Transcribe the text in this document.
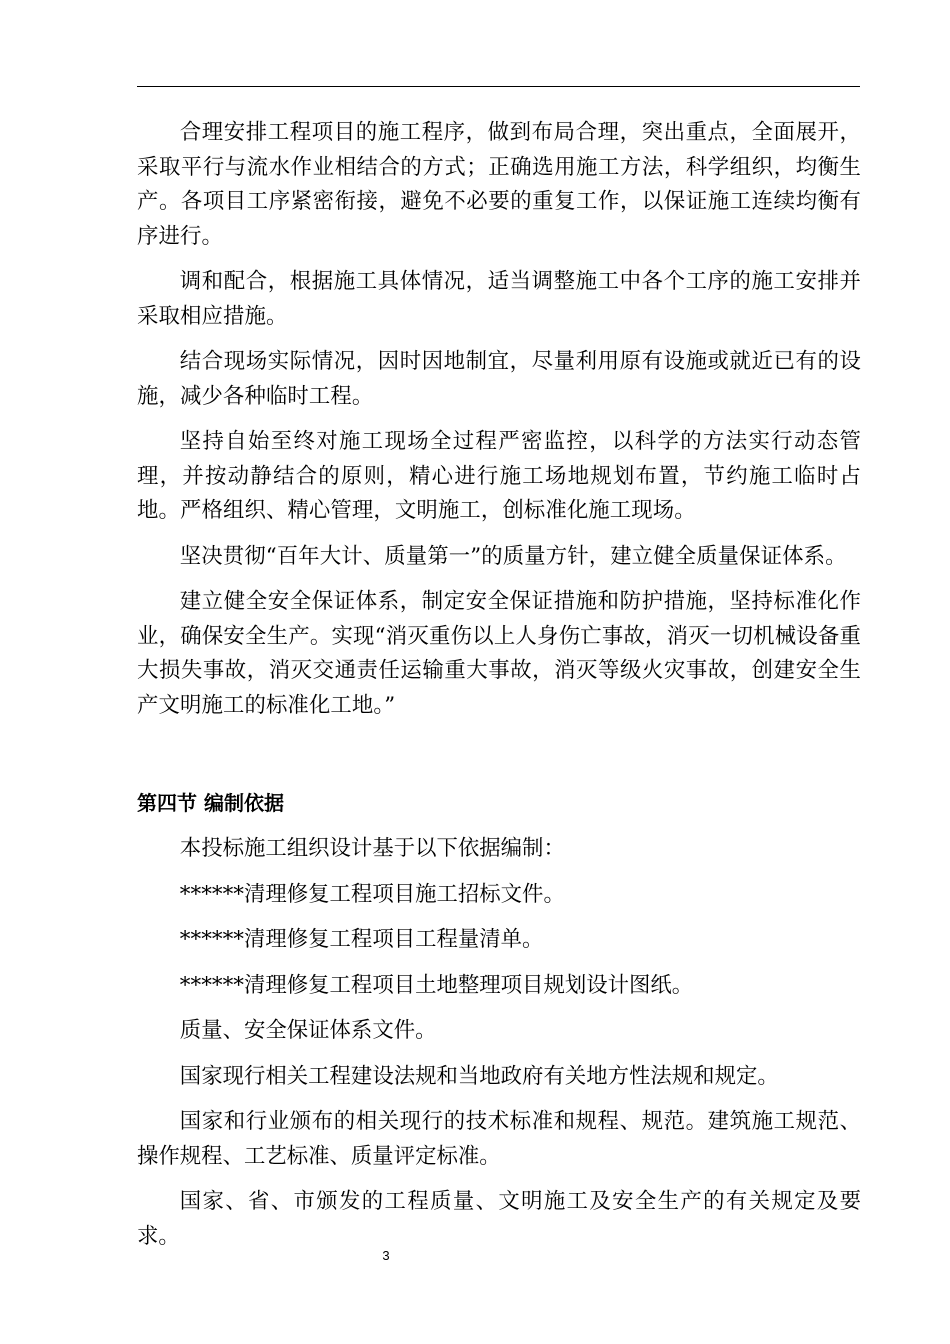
合理安排工程项目的施工程序，做到布局合理，突出重点，全面展开，采取平行与流水作业相结合的方式；正确选用施工方法，科学组织，均衡生产。各项目工序紧密衔接，避免不必要的重复工作，以保证施工连续均衡有序进行。

调和配合，根据施工具体情况，适当调整施工中各个工序的施工安排并采取相应措施。

结合现场实际情况，因时因地制宜，尽量利用原有设施或就近已有的设施，减少各种临时工程。

坚持自始至终对施工现场全过程严密监控，以科学的方法实行动态管理，并按动静结合的原则，精心进行施工场地规划布置，节约施工临时占地。严格组织、精心管理，文明施工，创标准化施工现场。

坚决贯彻“百年大计、质量第一”的质量方针，建立健全质量保证体系。

建立健全安全保证体系，制定安全保证措施和防护措施，坚持标准化作业，确保安全生产。实现“消灭重伤以上人身伤亡事故，消灭一切机械设备重大损失事故，消灭交通责任运输重大事故，消灭等级火灾事故，创建安全生产文明施工的标准化工地。”

第四节 编制依据

本投标施工组织设计基于以下依据编制：

******清理修复工程项目施工招标文件。

******清理修复工程项目工程量清单。

******清理修复工程项目土地整理项目规划设计图纸。

质量、安全保证体系文件。

国家现行相关工程建设法规和当地政府有关地方性法规和规定。

国家和行业颁布的相关现行的技术标准和规程、规范。建筑施工规范、操作规程、工艺标准、质量评定标准。

国家、省、市颁发的工程质量、文明施工及安全生产的有关规定及要求。

3
